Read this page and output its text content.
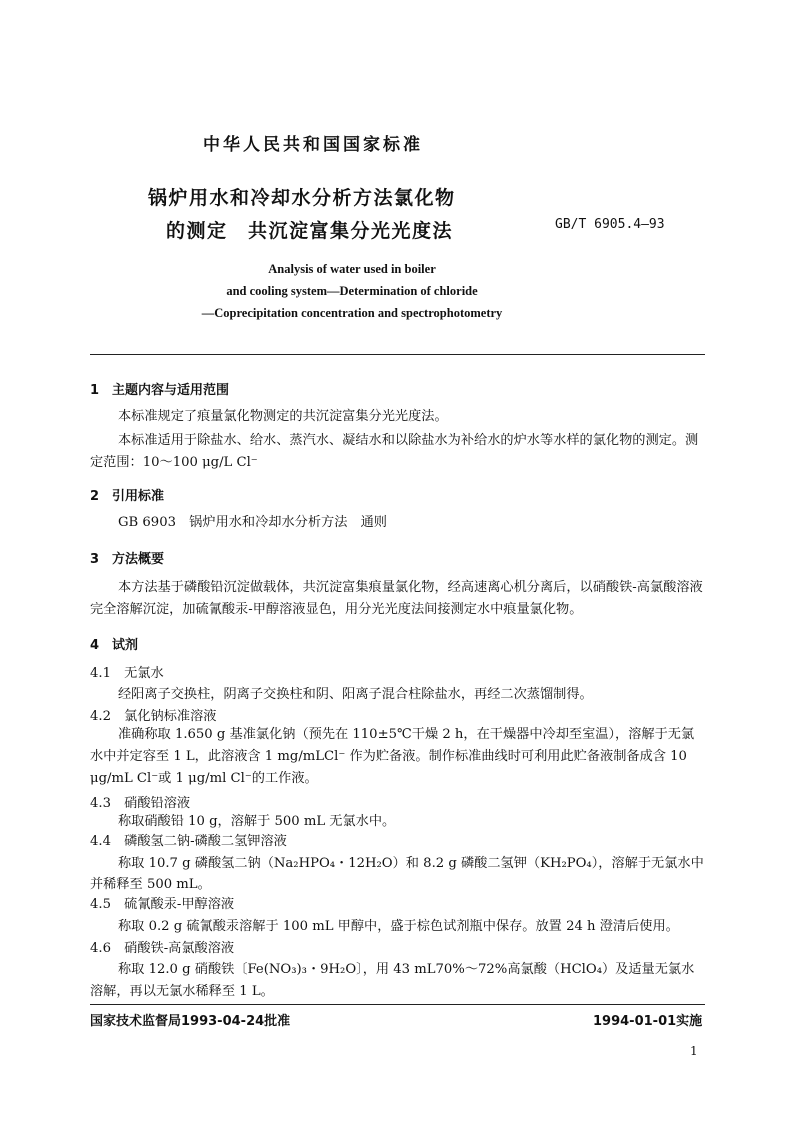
中华人民共和国国家标准

锅炉用水和冷却水分析方法氯化物

的测定　共沉淀富集分光光度法	GB/T 6905.4—93

Analysis of water used in boiler

and cooling system—Determination of chloride

—Coprecipitation concentration and spectrophotometry

1　主题内容与适用范围

本标准规定了痕量氯化物测定的共沉淀富集分光光度法。

本标准适用于除盐水、给水、蒸汽水、凝结水和以除盐水为补给水的炉水等水样的氯化物的测定。测定范围：10～100 μg/L Cl⁻

2　引用标准

GB 6903　锅炉用水和冷却水分析方法　通则

3　方法概要

本方法基于磷酸铅沉淀做载体，共沉淀富集痕量氯化物，经高速离心机分离后，以硝酸铁-高氯酸溶液完全溶解沉淀，加硫氰酸汞-甲醇溶液显色，用分光光度法间接测定水中痕量氯化物。

4　试剂

4.1　无氯水

经阳离子交换柱，阴离子交换柱和阴、阳离子混合柱除盐水，再经二次蒸馏制得。

4.2　氯化钠标准溶液

准确称取 1.650 g 基准氯化钠（预先在 110±5℃干燥 2 h，在干燥器中冷却至室温），溶解于无氯水中并定容至 1 L，此溶液含 1 mg/mLCl⁻ 作为贮备液。制作标准曲线时可利用此贮备液制备成含 10 μg/mL Cl⁻或 1 μg/ml Cl⁻的工作液。

4.3　硝酸铅溶液

称取硝酸铅 10 g，溶解于 500 mL 无氯水中。

4.4　磷酸氢二钠-磷酸二氢钾溶液

称取 10.7 g 磷酸氢二钠（Na₂HPO₄・12H₂O）和 8.2 g 磷酸二氢钾（KH₂PO₄），溶解于无氯水中并稀释至 500 mL。

4.5　硫氰酸汞-甲醇溶液

称取 0.2 g 硫氰酸汞溶解于 100 mL 甲醇中，盛于棕色试剂瓶中保存。放置 24 h 澄清后使用。

4.6　硝酸铁-高氯酸溶液

称取 12.0 g 硝酸铁〔Fe(NO₃)₃・9H₂O〕，用 43 mL70%～72%高氯酸（HClO₄）及适量无氯水溶解，再以无氯水稀释至 1 L。

国家技术监督局1993-04-24批准	1994-01-01实施

1
